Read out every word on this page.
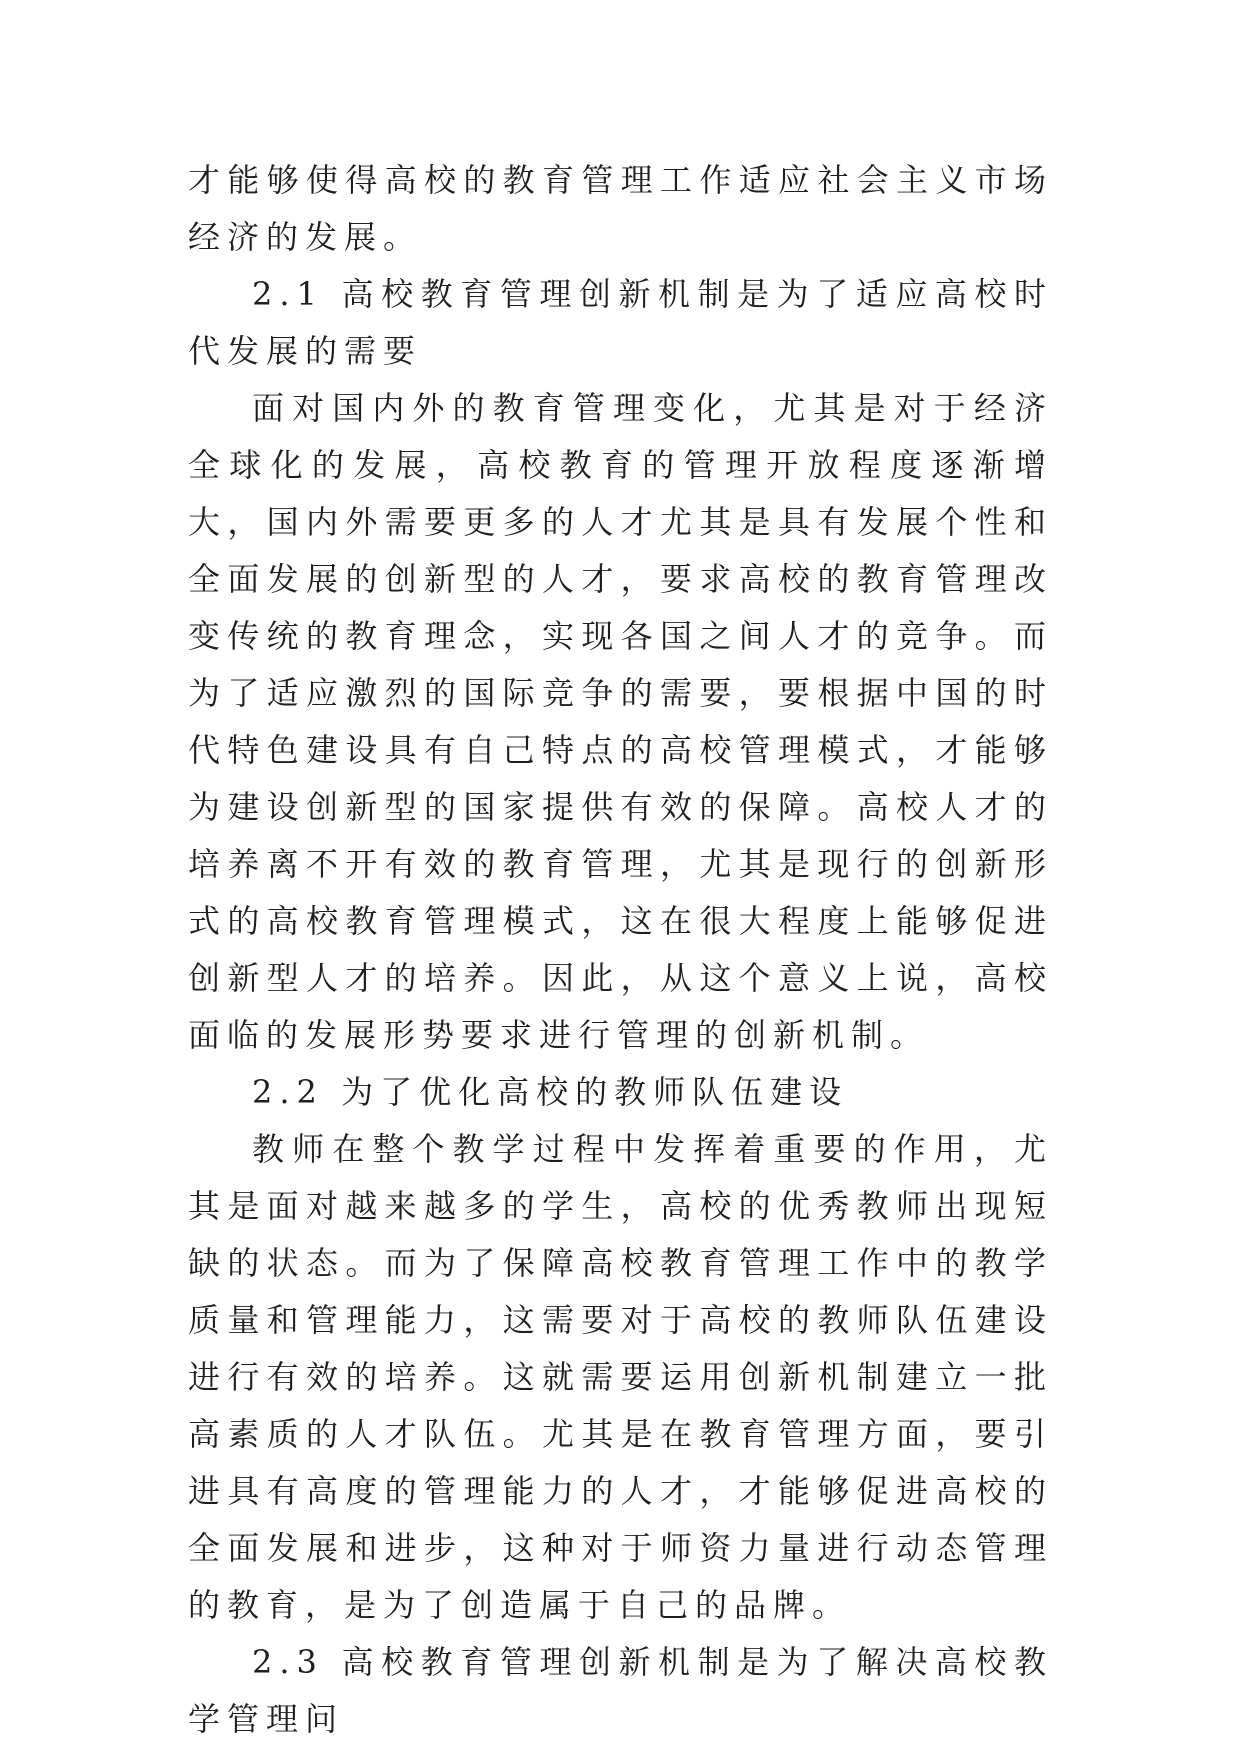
才能够使得高校的教育管理工作适应社会主义市场经济的发展。

2.1 高校教育管理创新机制是为了适应高校时代发展的需要

面对国内外的教育管理变化，尤其是对于经济全球化的发展，高校教育的管理开放程度逐渐增大，国内外需要更多的人才尤其是具有发展个性和全面发展的创新型的人才，要求高校的教育管理改变传统的教育理念，实现各国之间人才的竞争。而为了适应激烈的国际竞争的需要，要根据中国的时代特色建设具有自己特点的高校管理模式，才能够为建设创新型的国家提供有效的保障。高校人才的培养离不开有效的教育管理，尤其是现行的创新形式的高校教育管理模式，这在很大程度上能够促进创新型人才的培养。因此，从这个意义上说，高校面临的发展形势要求进行管理的创新机制。

2.2 为了优化高校的教师队伍建设

教师在整个教学过程中发挥着重要的作用，尤其是面对越来越多的学生，高校的优秀教师出现短缺的状态。而为了保障高校教育管理工作中的教学质量和管理能力，这需要对于高校的教师队伍建设进行有效的培养。这就需要运用创新机制建立一批高素质的人才队伍。尤其是在教育管理方面，要引进具有高度的管理能力的人才，才能够促进高校的全面发展和进步，这种对于师资力量进行动态管理的教育，是为了创造属于自己的品牌。

2.3 高校教育管理创新机制是为了解决高校教学管理问
